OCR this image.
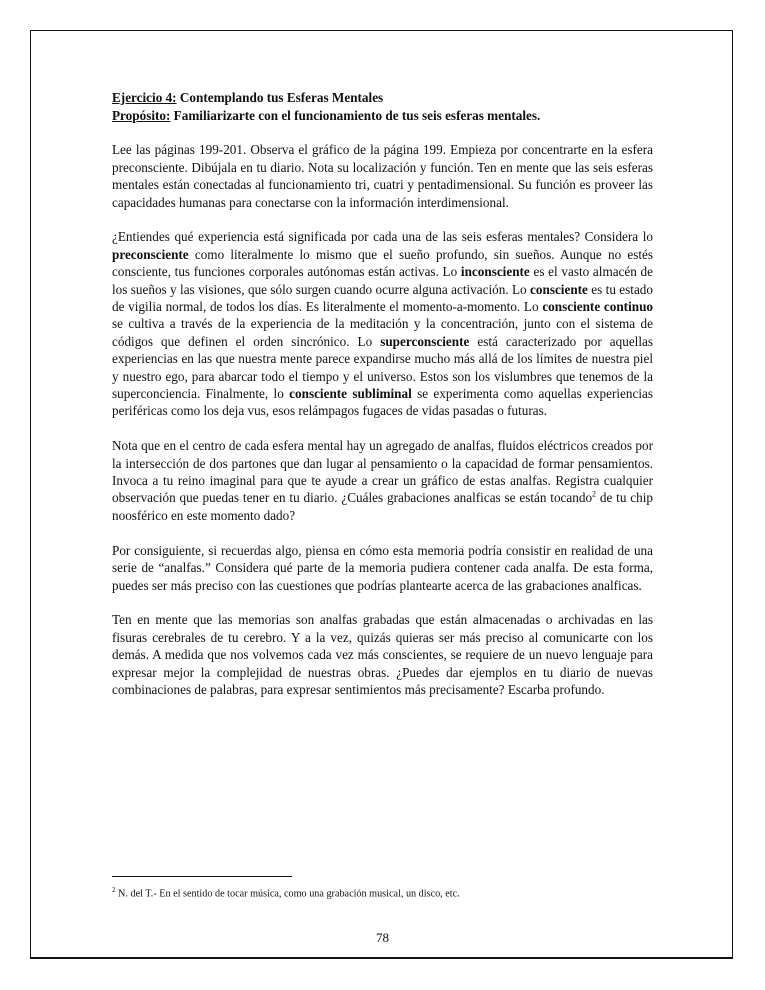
Ejercicio 4: Contemplando tus Esferas Mentales

Propósito: Familiarizarte con el funcionamiento de tus seis esferas mentales.

Lee las páginas 199-201. Observa el gráfico de la página 199. Empieza por concentrarte en la esfera preconsciente. Dibújala en tu diario. Nota su localización y función. Ten en mente que las seis esferas mentales están conectadas al funcionamiento tri, cuatri y pentadimensional. Su función es proveer las capacidades humanas para conectarse con la información interdimensional.

¿Entiendes qué experiencia está significada por cada una de las seis esferas mentales? Considera lo preconsciente como literalmente lo mismo que el sueño profundo, sin sueños. Aunque no estés consciente, tus funciones corporales autónomas están activas. Lo inconsciente es el vasto almacén de los sueños y las visiones, que sólo surgen cuando ocurre alguna activación. Lo consciente es tu estado de vigilia normal, de todos los días. Es literalmente el momento-a-momento. Lo consciente continuo se cultiva a través de la experiencia de la meditación y la concentración, junto con el sistema de códigos que definen el orden sincrónico. Lo superconsciente está caracterizado por aquellas experiencias en las que nuestra mente parece expandirse mucho más allá de los límites de nuestra piel y nuestro ego, para abarcar todo el tiempo y el universo. Estos son los vislumbres que tenemos de la superconciencia. Finalmente, lo consciente subliminal se experimenta como aquellas experiencias periféricas como los deja vus, esos relámpagos fugaces de vidas pasadas o futuras.

Nota que en el centro de cada esfera mental hay un agregado de analfas, fluidos eléctricos creados por la intersección de dos partones que dan lugar al pensamiento o la capacidad de formar pensamientos. Invoca a tu reino imaginal para que te ayude a crear un gráfico de estas analfas. Registra cualquier observación que puedas tener en tu diario. ¿Cuáles grabaciones analficas se están tocando$^2$ de tu chip noosférico en este momento dado?

Por consiguiente, si recuerdas algo, piensa en cómo esta memoria podría consistir en realidad de una serie de “analfas.” Considera qué parte de la memoria pudiera contener cada analfa. De esta forma, puedes ser más preciso con las cuestiones que podrías plantearte acerca de las grabaciones analficas.

Ten en mente que las memorias son analfas grabadas que están almacenadas o archivadas en las fisuras cerebrales de tu cerebro. Y a la vez, quizás quieras ser más preciso al comunicarte con los demás. A medida que nos volvemos cada vez más conscientes, se requiere de un nuevo lenguaje para expresar mejor la complejidad de nuestras obras. ¿Puedes dar ejemplos en tu diario de nuevas combinaciones de palabras, para expresar sentimientos más precisamente? Escarba profundo.

$^2$ N. del T.- En el sentido de tocar música, como una grabación musical, un disco, etc.
78
